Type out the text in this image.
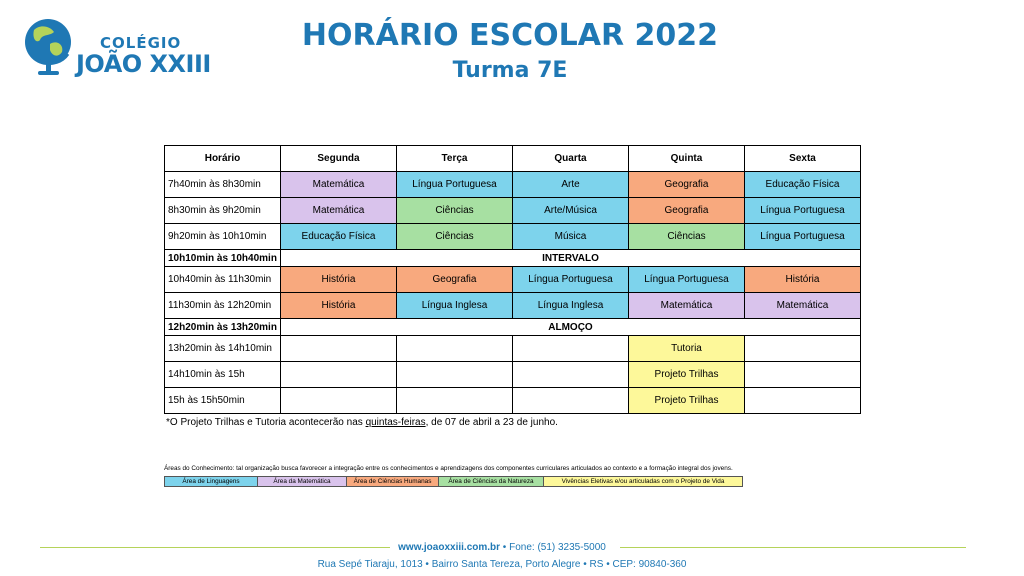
COLÉGIO
JOÃO XXIII
HORÁRIO ESCOLAR 2022
Turma 7E
Horário	Segunda	Terça	Quarta	Quinta	Sexta
7h40min às 8h30min	Matemática	Língua Portuguesa	Arte	Geografia	Educação Física
8h30min às 9h20min	Matemática	Ciências	Arte/Música	Geografia	Língua Portuguesa
9h20min às 10h10min	Educação Física	Ciências	Música	Ciências	Língua Portuguesa
10h10min às 10h40min	INTERVALO				
10h40min às 11h30min	História	Geografia	Língua Portuguesa	Língua Portuguesa	História
11h30min às 12h20min	História	Língua Inglesa	Língua Inglesa	Matemática	Matemática
12h20min às 13h20min	ALMOÇO				
13h20min às 14h10min				Tutoria	
14h10min às 15h				Projeto Trilhas	
15h às 15h50min				Projeto Trilhas	
*O Projeto Trilhas e Tutoria acontecerão nas quintas-feiras, de 07 de abril a 23 de junho.
Áreas do Conhecimento: tal organização busca favorecer a integração entre os conhecimentos e aprendizagens dos componentes curriculares articulados ao contexto e a formação integral dos jovens.
Área de Linguagens	Área da Matemática	Área de Ciências Humanas	Área de Ciências da Natureza	Vivências Eletivas e/ou articuladas com o Projeto de Vida
www.joaoxxiii.com.br • Fone: (51) 3235-5000
Rua Sepé Tiaraju, 1013 • Bairro Santa Tereza, Porto Alegre • RS • CEP: 90840-360
